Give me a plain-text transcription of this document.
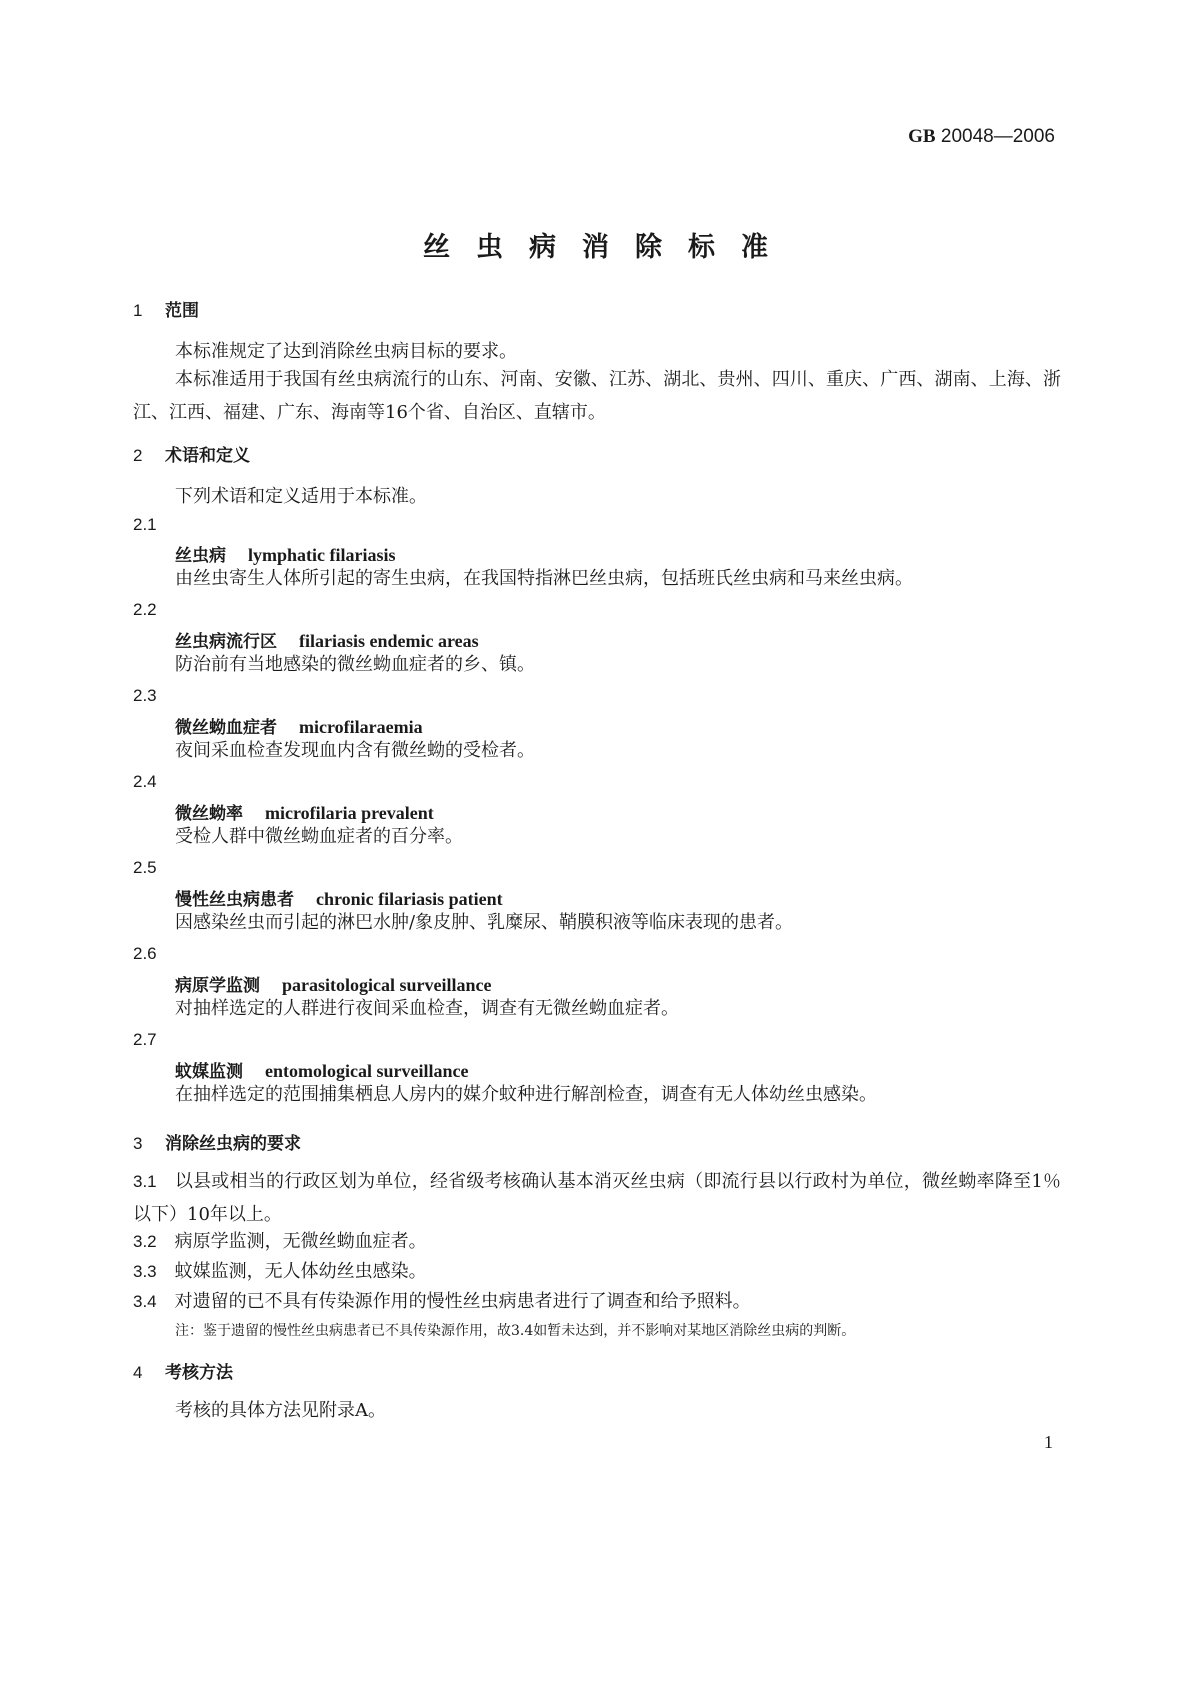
GB 20048—2006
丝虫病消除标准
1 范围
本标准规定了达到消除丝虫病目标的要求。
本标准适用于我国有丝虫病流行的山东、河南、安徽、江苏、湖北、贵州、四川、重庆、广西、湖南、上海、浙江、江西、福建、广东、海南等16个省、自治区、直辖市。
2 术语和定义
下列术语和定义适用于本标准。
2.1
丝虫病 lymphatic filariasis
由丝虫寄生人体所引起的寄生虫病，在我国特指淋巴丝虫病，包括班氏丝虫病和马来丝虫病。
2.2
丝虫病流行区 filariasis endemic areas
防治前有当地感染的微丝蚴血症者的乡、镇。
2.3
微丝蚴血症者 microfilaraemia
夜间采血检查发现血内含有微丝蚴的受检者。
2.4
微丝蚴率 microfilaria prevalent
受检人群中微丝蚴血症者的百分率。
2.5
慢性丝虫病患者 chronic filariasis patient
因感染丝虫而引起的淋巴水肿/象皮肿、乳糜尿、鞘膜积液等临床表现的患者。
2.6
病原学监测 parasitological surveillance
对抽样选定的人群进行夜间采血检查，调查有无微丝蚴血症者。
2.7
蚊媒监测 entomological surveillance
在抽样选定的范围捕集栖息人房内的媒介蚊种进行解剖检查，调查有无人体幼丝虫感染。
3 消除丝虫病的要求
3.1 以县或相当的行政区划为单位，经省级考核确认基本消灭丝虫病（即流行县以行政村为单位，微丝蚴率降至1％以下）10年以上。
3.2 病原学监测，无微丝蚴血症者。
3.3 蚊媒监测，无人体幼丝虫感染。
3.4 对遗留的已不具有传染源作用的慢性丝虫病患者进行了调查和给予照料。
注：鉴于遗留的慢性丝虫病患者已不具传染源作用，故3.4如暂未达到，并不影响对某地区消除丝虫病的判断。
4 考核方法
考核的具体方法见附录A。
1
